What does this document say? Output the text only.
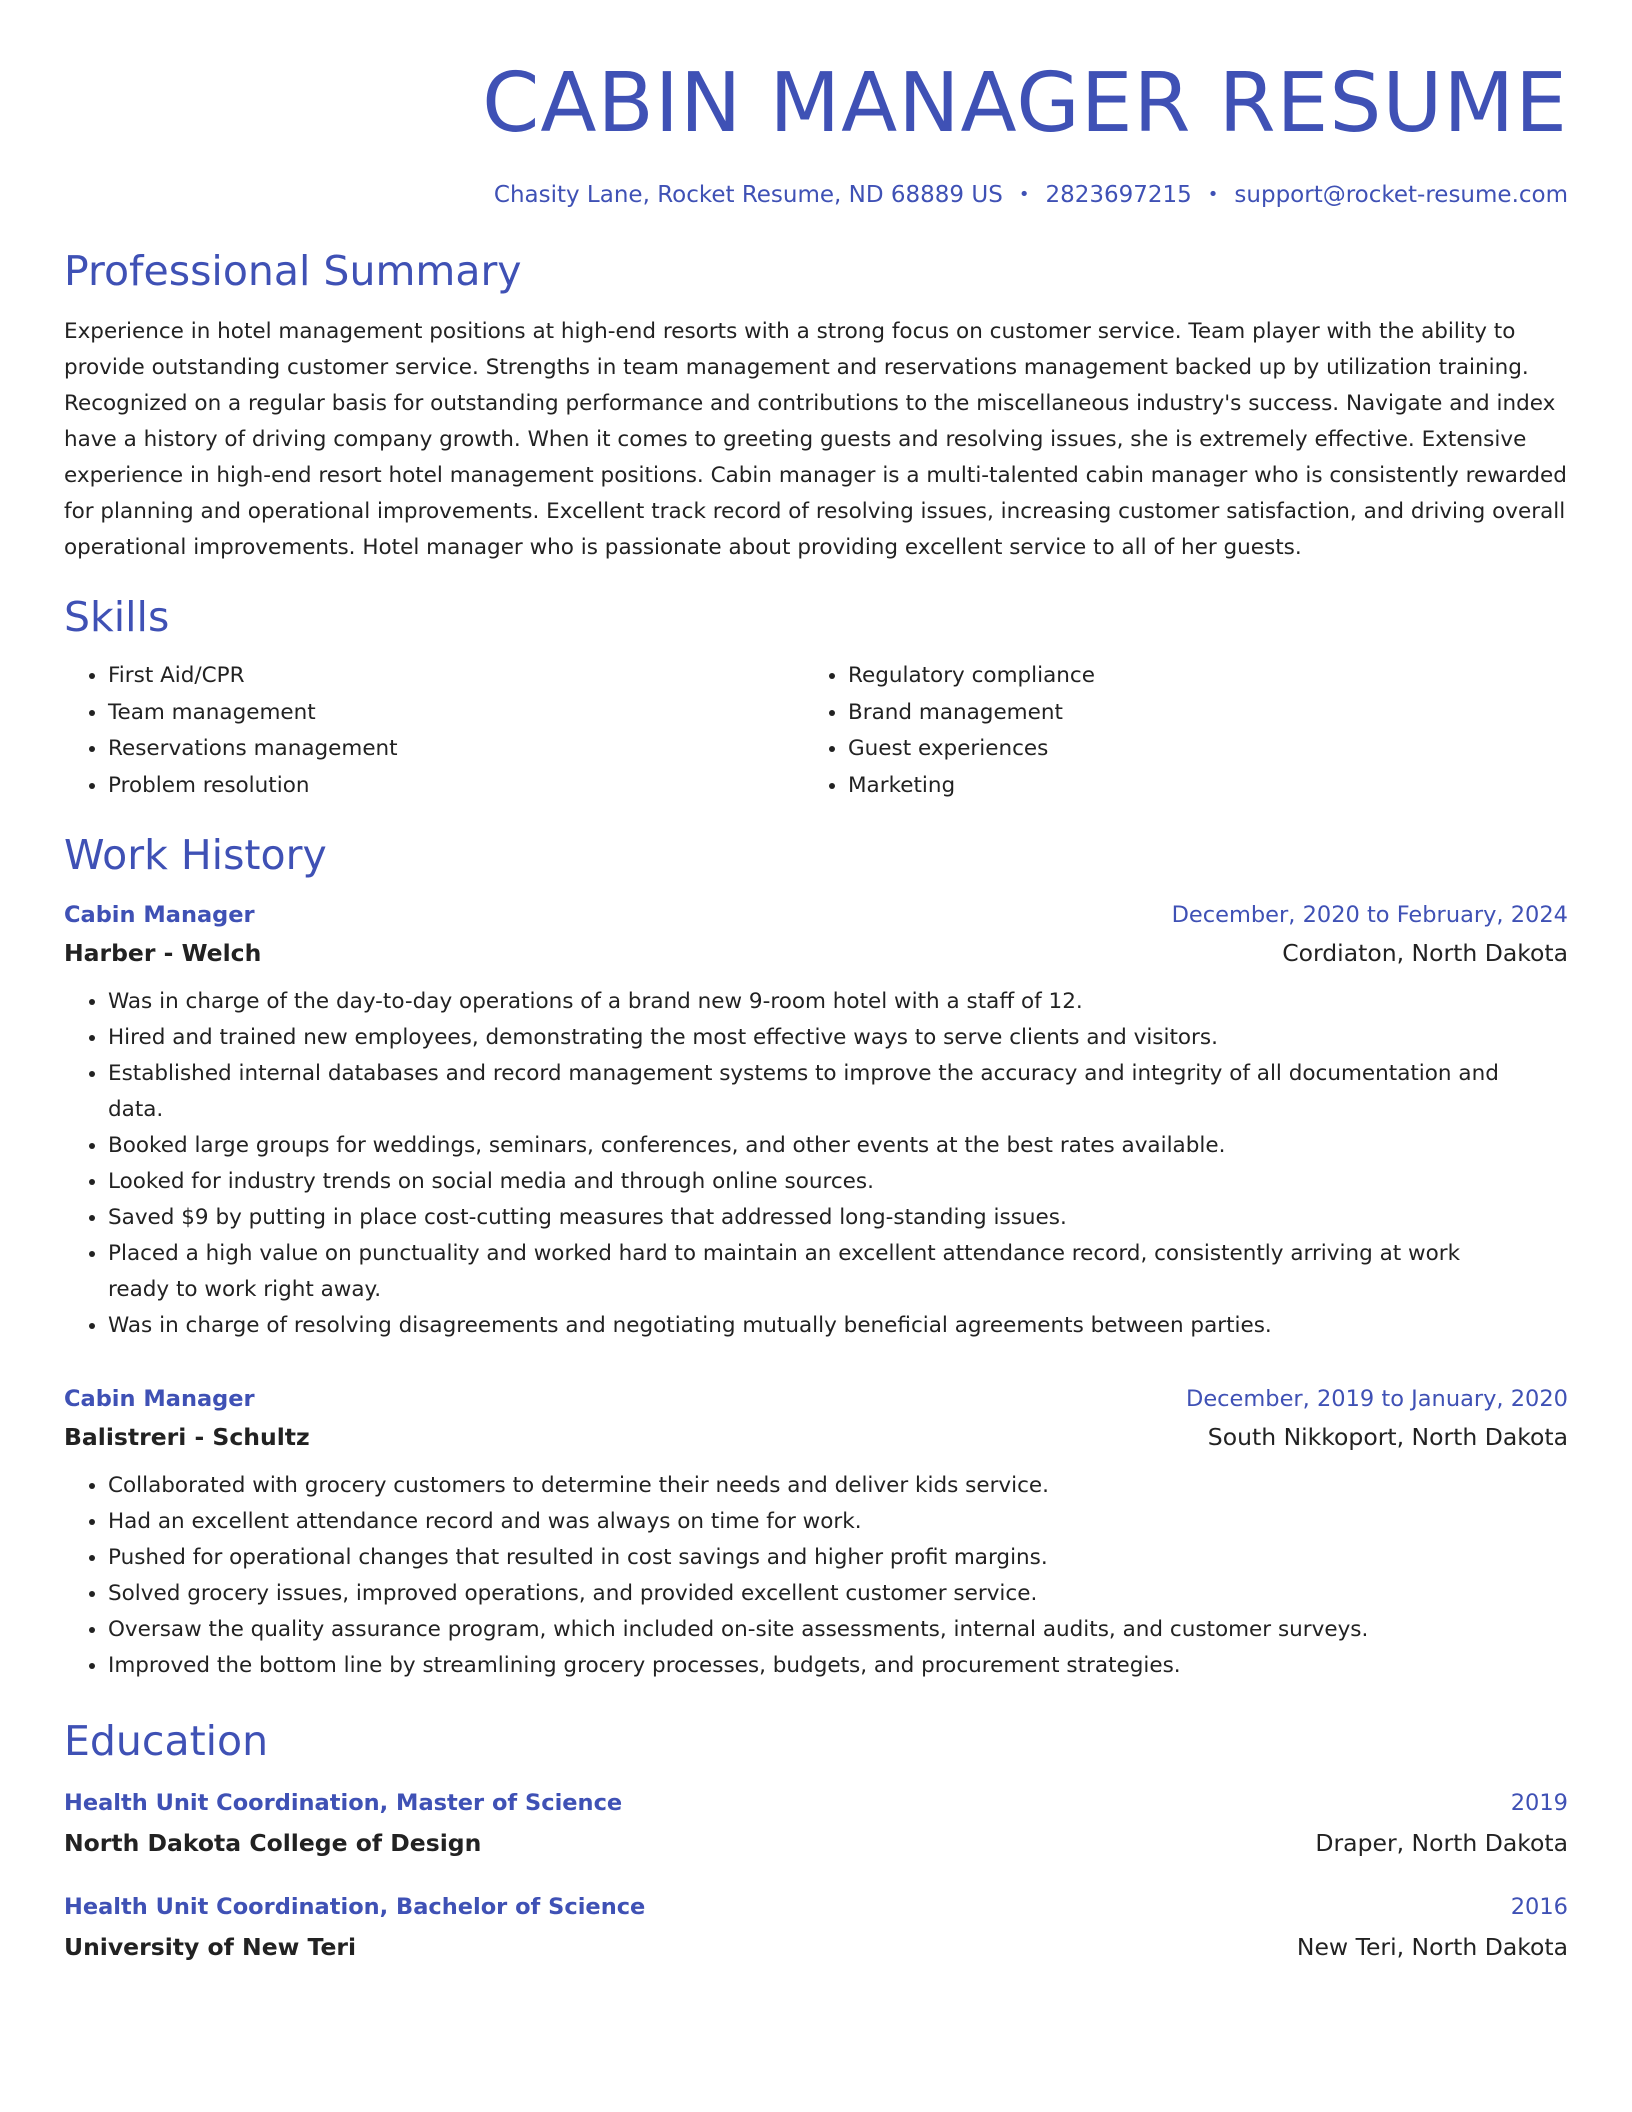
CABIN MANAGER RESUME
Chasity Lane, Rocket Resume, ND 68889 US • 2823697215 • support@rocket-resume.com
Professional Summary
Experience in hotel management positions at high-end resorts with a strong focus on customer service. Team player with the ability to provide outstanding customer service. Strengths in team management and reservations management backed up by utilization training. Recognized on a regular basis for outstanding performance and contributions to the miscellaneous industry's success. Navigate and index have a history of driving company growth. When it comes to greeting guests and resolving issues, she is extremely effective. Extensive experience in high-end resort hotel management positions. Cabin manager is a multi-talented cabin manager who is consistently rewarded for planning and operational improvements. Excellent track record of resolving issues, increasing customer satisfaction, and driving overall operational improvements. Hotel manager who is passionate about providing excellent service to all of her guests.
Skills
• First Aid/CPR
• Team management
• Reservations management
• Problem resolution
• Regulatory compliance
• Brand management
• Guest experiences
• Marketing
Work History
Cabin Manager	December, 2020 to February, 2024
Harber - Welch	Cordiaton, North Dakota
• Was in charge of the day-to-day operations of a brand new 9-room hotel with a staff of 12.
• Hired and trained new employees, demonstrating the most effective ways to serve clients and visitors.
• Established internal databases and record management systems to improve the accuracy and integrity of all documentation and data.
• Booked large groups for weddings, seminars, conferences, and other events at the best rates available.
• Looked for industry trends on social media and through online sources.
• Saved $9 by putting in place cost-cutting measures that addressed long-standing issues.
• Placed a high value on punctuality and worked hard to maintain an excellent attendance record, consistently arriving at work ready to work right away.
• Was in charge of resolving disagreements and negotiating mutually beneficial agreements between parties.
Cabin Manager	December, 2019 to January, 2020
Balistreri - Schultz	South Nikkoport, North Dakota
• Collaborated with grocery customers to determine their needs and deliver kids service.
• Had an excellent attendance record and was always on time for work.
• Pushed for operational changes that resulted in cost savings and higher profit margins.
• Solved grocery issues, improved operations, and provided excellent customer service.
• Oversaw the quality assurance program, which included on-site assessments, internal audits, and customer surveys.
• Improved the bottom line by streamlining grocery processes, budgets, and procurement strategies.
Education
Health Unit Coordination, Master of Science	2019
North Dakota College of Design	Draper, North Dakota
Health Unit Coordination, Bachelor of Science	2016
University of New Teri	New Teri, North Dakota
